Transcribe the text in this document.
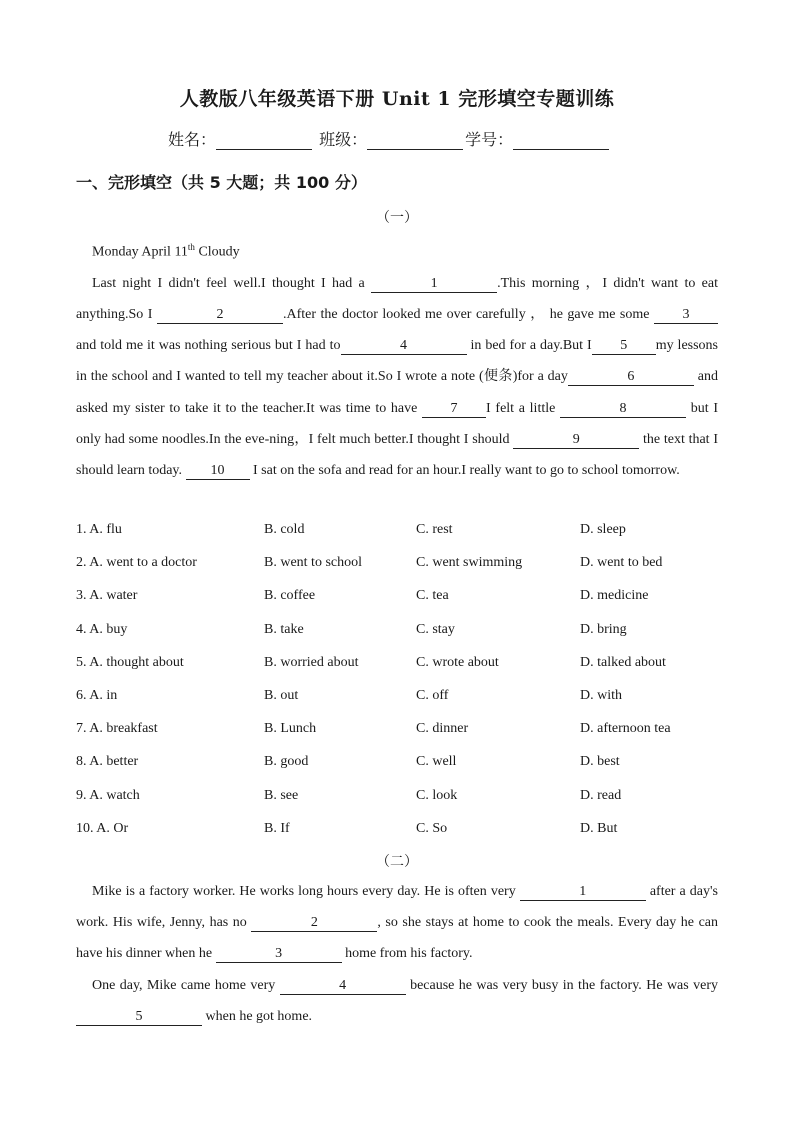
人教版八年级英语下册 Unit 1 完形填空专题训练
姓名：	班级：	学号：
一、完形填空（共 5 大题；共 100 分）
（一）

Monday April 11th Cloudy

Last night I didn't feel well.I thought I had a	1	.This morning ，I didn't want to eat anything.So I	2	.After the doctor looked me over carefully ， he gave me some 3 and told me it was nothing serious but I had to	4	in bed for a day.But I 5 my lessons in the school and I wanted to tell my teacher about it.So I wrote a note (便条)for a day	6	and asked my sister to take it to the teacher.It was time to have 7 I felt a little	8	but I only had some noodles.In the eve-ning，I felt much better.I thought I should	9	the text that I should learn today. 10 I sat on the sofa and read for an hour.I really want to go to school tomorrow.

1. A. flu	B. cold	C. rest	D. sleep
2. A. went to a doctor	B. went to school	C. went swimming	D. went to bed
3. A. water	B. coffee	C. tea	D. medicine
4. A. buy	B. take	C. stay	D. bring
5. A. thought about	B. worried about	C. wrote about	D. talked about
6. A. in	B. out	C. off	D. with
7. A. breakfast	B. Lunch	C. dinner	D. afternoon tea
8. A. better	B. good	C. well	D. best
9. A. watch	B. see	C. look	D. read
10. A. Or	B. If	C. So	D. But
（二）

Mike is a factory worker. He works long hours every day. He is often very	1	after a day's work. His wife, Jenny, has no	2	, so she stays at home to cook the meals. Every day he can have his dinner when he	3	home from his factory.

One day, Mike came home very	4	because he was very busy in the factory. He was very 5	when he got home.
